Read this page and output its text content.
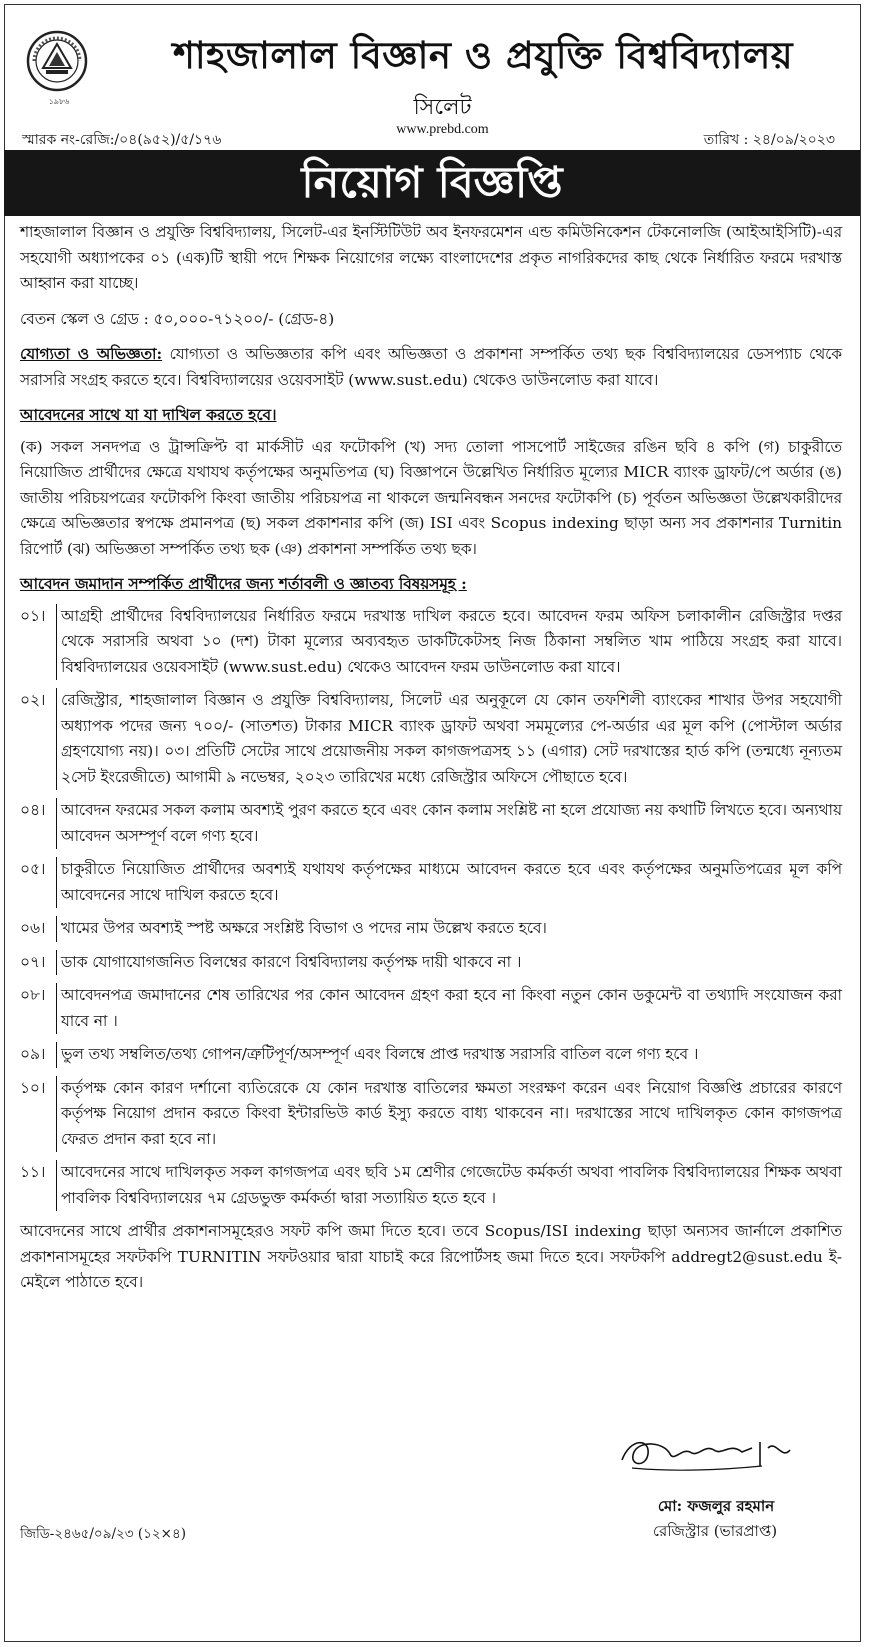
১৯৮৬
শাহজালাল বিজ্ঞান ও প্রযুক্তি বিশ্ববিদ্যালয়
সিলেট
www.prebd.com
স্মারক নং-রেজি:/০৪(৯৫২)/৫/১৭৬	তারিখ : ২৪/০৯/২০২৩
নিয়োগ বিজ্ঞপ্তি

শাহজালাল বিজ্ঞান ও প্রযুক্তি বিশ্ববিদ্যালয়, সিলেট-এর ইনস্টিটিউট অব ইনফরমেশন এন্ড কমিউনিকেশন টেকনোলজি (আইআইসিটি)-এর সহযোগী অধ্যাপকের ০১ (এক)টি স্থায়ী পদে শিক্ষক নিয়োগের লক্ষ্যে বাংলাদেশের প্রকৃত নাগরিকদের কাছ থেকে নির্ধারিত ফরমে দরখাস্ত আহ্বান করা যাচ্ছে।

বেতন স্কেল ও গ্রেড : ৫০,০০০-৭১২০০/- (গ্রেড-৪)

যোগ্যতা ও অভিজ্ঞতা: যোগ্যতা ও অভিজ্ঞতার কপি এবং অভিজ্ঞতা ও প্রকাশনা সম্পর্কিত তথ্য ছক বিশ্ববিদ্যালয়ের ডেসপ্যাচ থেকে সরাসরি সংগ্রহ করতে হবে। বিশ্ববিদ্যালয়ের ওয়েবসাইট (www.sust.edu) থেকেও ডাউনলোড করা যাবে।

আবেদনের সাথে যা যা দাখিল করতে হবে।

(ক) সকল সনদপত্র ও ট্রান্সক্রিপ্ট বা মার্কসীট এর ফটোকপি (খ) সদ্য তোলা পাসপোর্ট সাইজের রঙিন ছবি ৪ কপি (গ) চাকুরীতে নিয়োজিত প্রার্থীদের ক্ষেত্রে যথাযথ কর্তৃপক্ষের অনুমতিপত্র (ঘ) বিজ্ঞাপনে উল্লেখিত নির্ধারিত মূল্যের MICR ব্যাংক ড্রাফট/পে অর্ডার (ঙ) জাতীয় পরিচয়পত্রের ফটোকপি কিংবা জাতীয় পরিচয়পত্র না থাকলে জন্মনিবন্ধন সনদের ফটোকপি (চ) পূর্বতন অভিজ্ঞতা উল্লেখকারীদের ক্ষেত্রে অভিজ্ঞতার স্বপক্ষে প্রমানপত্র (ছ) সকল প্রকাশনার কপি (জ) ISI এবং Scopus indexing ছাড়া অন্য সব প্রকাশনার Turnitin রিপোর্ট (ঝ) অভিজ্ঞতা সম্পর্কিত তথ্য ছক (ঞ) প্রকাশনা সম্পর্কিত তথ্য ছক।

আবেদন জমাদান সম্পর্কিত প্রার্থীদের জন্য শর্তাবলী ও জ্ঞাতব্য বিষয়সমূহ :

০১।	আগ্রহী প্রার্থীদের বিশ্ববিদ্যালয়ের নির্ধারিত ফরমে দরখাস্ত দাখিল করতে হবে। আবেদন ফরম অফিস চলাকালীন রেজিস্ট্রার দপ্তর থেকে সরাসরি অথবা ১০ (দশ) টাকা মূল্যের অব্যবহৃত ডাকটিকেটসহ নিজ ঠিকানা সম্বলিত খাম পাঠিয়ে সংগ্রহ করা যাবে। বিশ্ববিদ্যালয়ের ওয়েবসাইট (www.sust.edu) থেকেও আবেদন ফরম ডাউনলোড করা যাবে।
০২।	রেজিস্ট্রার, শাহজালাল বিজ্ঞান ও প্রযুক্তি বিশ্ববিদ্যালয়, সিলেট এর অনুকূলে যে কোন তফশিলী ব্যাংকের শাখার উপর সহযোগী অধ্যাপক পদের জন্য ৭০০/- (সাতশত) টাকার MICR ব্যাংক ড্রাফট অথবা সমমূল্যের পে-অর্ডার এর মূল কপি (পোস্টাল অর্ডার গ্রহণযোগ্য নয়)। ০৩। প্রতিটি সেটের সাথে প্রয়োজনীয় সকল কাগজপত্রসহ ১১ (এগার) সেট দরখাস্তের হার্ড কপি (তন্মধ্যে নূন্যতম ২সেট ইংরেজীতে) আগামী ৯ নভেম্বর, ২০২৩ তারিখের মধ্যে রেজিস্ট্রার অফিসে পৌছাতে হবে।
০৪।	আবেদন ফরমের সকল কলাম অবশ্যই পুরণ করতে হবে এবং কোন কলাম সংশ্লিষ্ট না হলে প্রযোজ্য নয় কথাটি লিখতে হবে। অন্যথায় আবেদন অসম্পূর্ণ বলে গণ্য হবে।
০৫।	চাকুরীতে নিয়োজিত প্রার্থীদের অবশ্যই যথাযথ কর্তৃপক্ষের মাধ্যমে আবেদন করতে হবে এবং কর্তৃপক্ষের অনুমতিপত্রের মূল কপি আবেদনের সাথে দাখিল করতে হবে।
০৬।	খামের উপর অবশ্যই স্পষ্ট অক্ষরে সংশ্লিষ্ট বিভাগ ও পদের নাম উল্লেখ করতে হবে।
০৭।	ডাক যোগাযোগজনিত বিলম্বের কারণে বিশ্ববিদ্যালয় কর্তৃপক্ষ দায়ী থাকবে না ।
০৮।	আবেদনপত্র জমাদানের শেষ তারিখের পর কোন আবেদন গ্রহণ করা হবে না কিংবা নতুন কোন ডকুমেন্ট বা তথ্যাদি সংযোজন করা যাবে না ।
০৯।	ভুল তথ্য সম্বলিত/তথ্য গোপন/ত্রুটিপূর্ণ/অসম্পূর্ণ এবং বিলম্বে প্রাপ্ত দরখাস্ত সরাসরি বাতিল বলে গণ্য হবে ।
১০।	কর্তৃপক্ষ কোন কারণ দর্শানো ব্যতিরেকে যে কোন দরখাস্ত বাতিলের ক্ষমতা সংরক্ষণ করেন এবং নিয়োগ বিজ্ঞপ্তি প্রচারের কারণে কর্তৃপক্ষ নিয়োগ প্রদান করতে কিংবা ইন্টারভিউ কার্ড ইস্যু করতে বাধ্য থাকবেন না। দরখাস্তের সাথে দাখিলকৃত কোন কাগজপত্র ফেরত প্রদান করা হবে না।
১১।	আবেদনের সাথে দাখিলকৃত সকল কাগজপত্র এবং ছবি ১ম শ্রেণীর গেজেটেড কর্মকর্তা অথবা পাবলিক বিশ্ববিদ্যালয়ের শিক্ষক অথবা পাবলিক বিশ্ববিদ্যালয়ের ৭ম গ্রেডভুক্ত কর্মকর্তা দ্বারা সত্যায়িত হতে হবে ।

আবেদনের সাথে প্রার্থীর প্রকাশনাসমূহেরও সফট কপি জমা দিতে হবে। তবে Scopus/ISI indexing ছাড়া অন্যসব জার্নালে প্রকাশিত প্রকাশনাসমূহের সফটকপি TURNITIN সফটওয়ার দ্বারা যাচাই করে রিপোর্টসহ জমা দিতে হবে। সফটকপি addregt2@sust.edu ই-মেইলে পাঠাতে হবে।

মো: ফজলুর রহমান
রেজিস্ট্রার (ভারপ্রাপ্ত)
জিডি-২৪৬৫/০৯/২৩ (১২×৪)
